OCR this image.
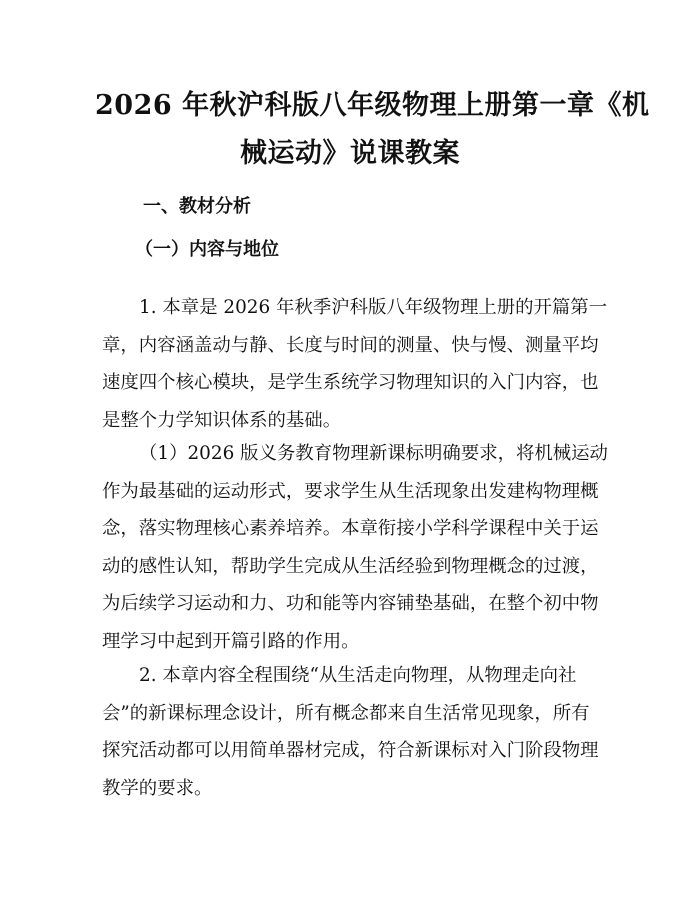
2026 年秋沪科版八年级物理上册第一章《机
械运动》说课教案
一、教材分析
（一）内容与地位

1. 本章是 2026 年秋季沪科版八年级物理上册的开篇第一
章，内容涵盖动与静、长度与时间的测量、快与慢、测量平均
速度四个核心模块，是学生系统学习物理知识的入门内容，也
是整个力学知识体系的基础。

（1）2026 版义务教育物理新课标明确要求，将机械运动
作为最基础的运动形式，要求学生从生活现象出发建构物理概
念，落实物理核心素养培养。本章衔接小学科学课程中关于运
动的感性认知，帮助学生完成从生活经验到物理概念的过渡，
为后续学习运动和力、功和能等内容铺垫基础，在整个初中物
理学习中起到开篇引路的作用。

2. 本章内容全程围绕“从生活走向物理，从物理走向社
会”的新课标理念设计，所有概念都来自生活常见现象，所有
探究活动都可以用简单器材完成，符合新课标对入门阶段物理
教学的要求。
